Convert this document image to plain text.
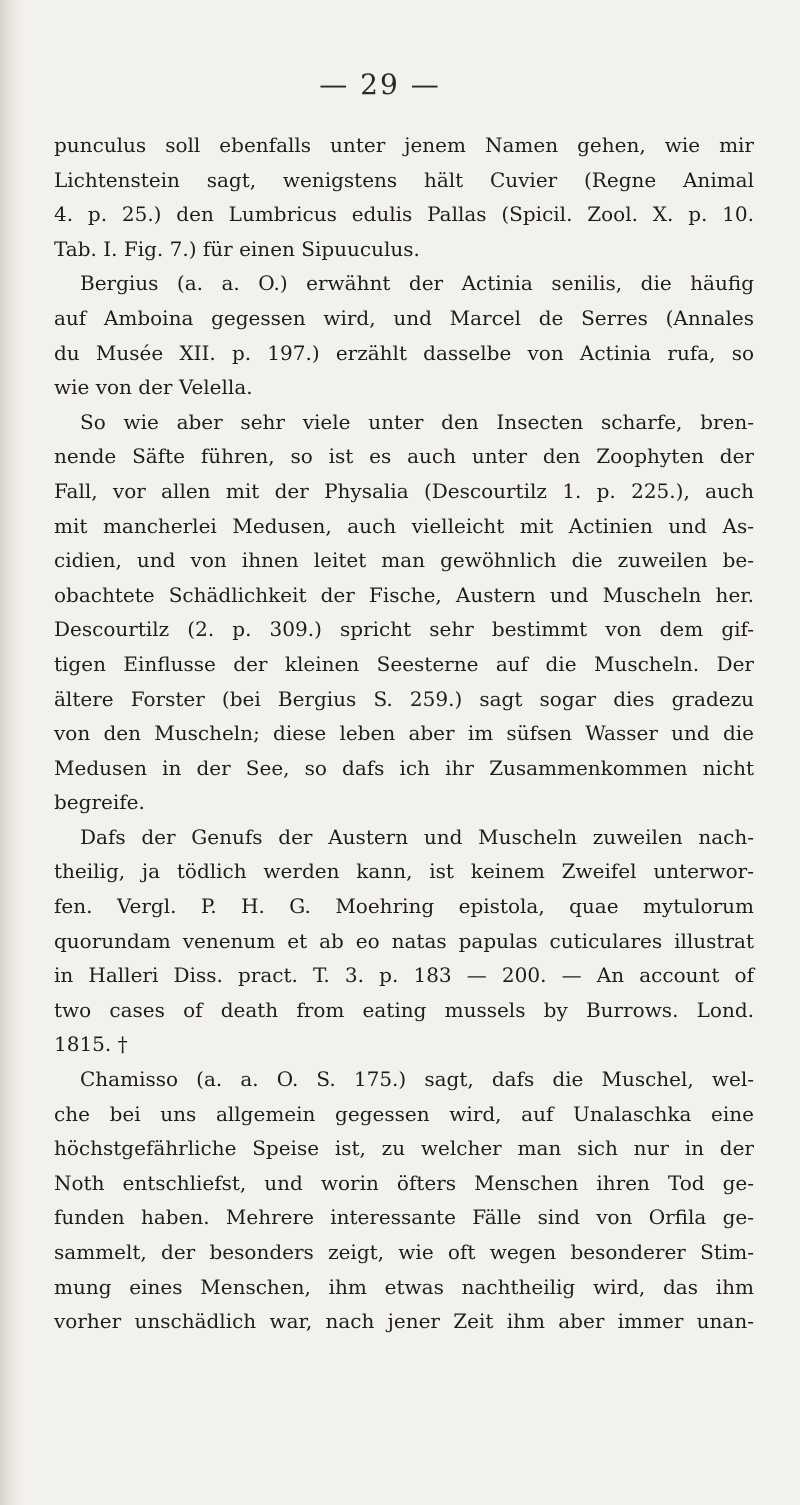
— 29 —
punculus soll ebenfalls unter jenem Namen gehen, wie mir
Lichtenstein sagt, wenigstens hält Cuvier (Regne Animal
4. p. 25.) den Lumbricus edulis Pallas (Spicil. Zool. X. p. 10.
Tab. I. Fig. 7.) für einen Sipuuculus.
Bergius (a. a. O.) erwähnt der Actinia senilis, die häufig
auf Amboina gegessen wird, und Marcel de Serres (Annales
du Musée XII. p. 197.) erzählt dasselbe von Actinia rufa, so
wie von der Velella.
So wie aber sehr viele unter den Insecten scharfe, bren-
nende Säfte führen, so ist es auch unter den Zoophyten der
Fall, vor allen mit der Physalia (Descourtilz 1. p. 225.), auch
mit mancherlei Medusen, auch vielleicht mit Actinien und As-
cidien, und von ihnen leitet man gewöhnlich die zuweilen be-
obachtete Schädlichkeit der Fische, Austern und Muscheln her.
Descourtilz (2. p. 309.) spricht sehr bestimmt von dem gif-
tigen Einflusse der kleinen Seesterne auf die Muscheln. Der
ältere Forster (bei Bergius S. 259.) sagt sogar dies gradezu
von den Muscheln; diese leben aber im süfsen Wasser und die
Medusen in der See, so dafs ich ihr Zusammenkommen nicht
begreife.
Dafs der Genufs der Austern und Muscheln zuweilen nach-
theilig, ja tödlich werden kann, ist keinem Zweifel unterwor-
fen. Vergl. P. H. G. Moehring epistola, quae mytulorum
quorundam venenum et ab eo natas papulas cuticulares illustrat
in Halleri Diss. pract. T. 3. p. 183 — 200. — An account of
two cases of death from eating mussels by Burrows. Lond.
1815. †
Chamisso (a. a. O. S. 175.) sagt, dafs die Muschel, wel-
che bei uns allgemein gegessen wird, auf Unalaschka eine
höchstgefährliche Speise ist, zu welcher man sich nur in der
Noth entschliefst, und worin öfters Menschen ihren Tod ge-
funden haben. Mehrere interessante Fälle sind von Orfila ge-
sammelt, der besonders zeigt, wie oft wegen besonderer Stim-
mung eines Menschen, ihm etwas nachtheilig wird, das ihm
vorher unschädlich war, nach jener Zeit ihm aber immer unan-
